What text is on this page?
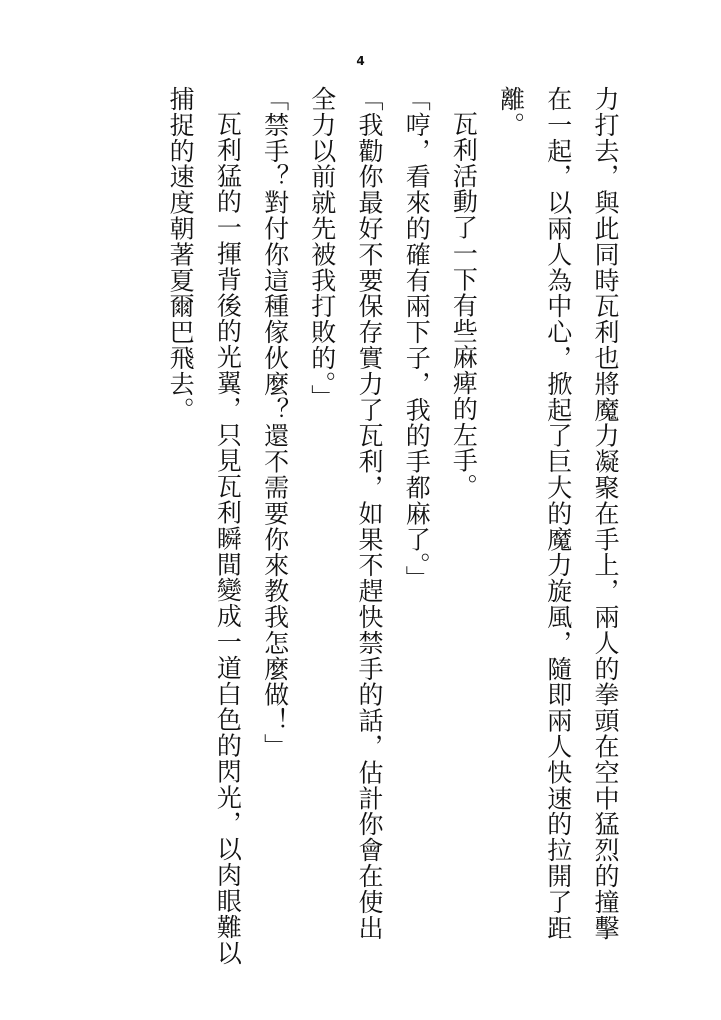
4

力打去，與此同時瓦利也將魔力凝聚在手上，兩人的拳頭在空中猛烈的撞擊在一起，以兩人為中心，掀起了巨大的魔力旋風，隨即兩人快速的拉開了距離。

瓦利活動了一下有些麻痺的左手。

「哼，看來的確有兩下子，我的手都麻了。」

「我勸你最好不要保存實力了瓦利，如果不趕快禁手的話，估計你會在使出全力以前就先被我打敗的。」

「禁手？對付你這種傢伙麼？還不需要你來教我怎麼做！」

瓦利猛的一揮背後的光翼，只見瓦利瞬間變成一道白色的閃光，以肉眼難以捕捉的速度朝著夏爾巴飛去。
